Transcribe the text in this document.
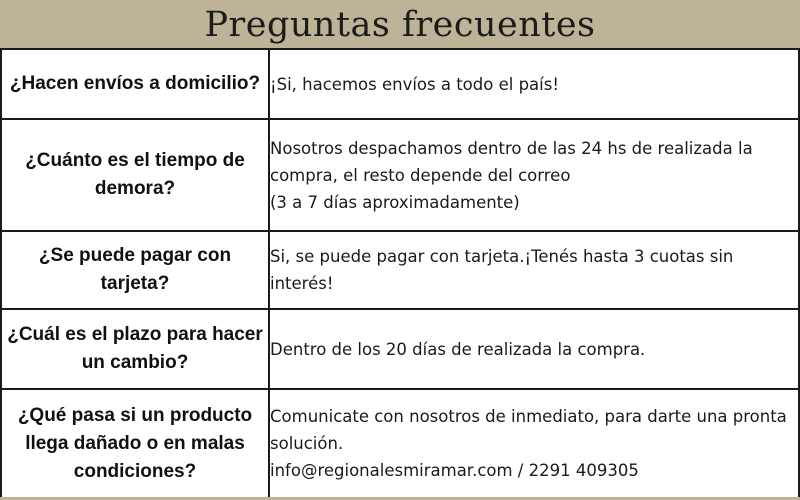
Preguntas frecuentes
¿Hacen envíos a domicilio?	¡Si, hacemos envíos a todo el país!

¿Cuánto es el tiempo de demora?	Nosotros despachamos dentro de las 24 hs de realizada la compra, el resto depende del correo
(3 a 7 días aproximadamente)

¿Se puede pagar con tarjeta?	Si, se puede pagar con tarjeta.¡Tenés hasta 3 cuotas sin interés!

¿Cuál es el plazo para hacer un cambio?	Dentro de los 20 días de realizada la compra.

¿Qué pasa si un producto llega dañado o en malas condiciones?	Comunicate con nosotros de inmediato, para darte una pronta solución.
info@regionalesmiramar.com / 2291 409305
